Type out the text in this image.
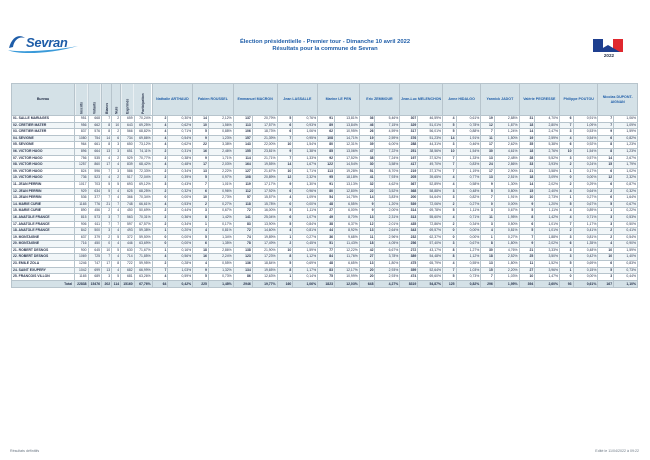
Sevran	Élection présidentielle - Premier tour - Dimanche 10 avril 2022
Résultats pour la commune de Sevran
2022
Bureau	Inscrits	Votants	Blancs	Nuls	Exprimés	Participation	Nathalie ARTHAUD		Fabien ROUSSEL		Emmanuel MACRON		Jean LASSALLE		Marine LE PEN		Eric ZEMMOUR		Jean-Luc MELENCHON		Anne HIDALGO		Yannick JADOT		Valérie PECRESSE		Philippe POUTOU		Nicolas DUPONT-AIGNAN	
01. SALLE MARIAGES	951	668	7	2	659	70,24%	2	0,30%	14	2,12%	137	20,79%	5	0,76%	91	13,81%	36	5,46%	307	46,59%	4	0,61%	19	2,88%	31	4,70%	6	0,91%	7	1,06%
02. CRETIER MATER	956	662	8	10	643	69,25%	4	0,62%	10	1,56%	113	17,57%	6	0,93%	89	13,84%	46	7,15%	329	51,01%	5	0,78%	12	1,87%	18	2,80%	7	1,09%	7	1,09%
03. CRETIER MATER	837	576	8	2	566	68,82%	4	0,71%	5	0,88%	106	18,73%	6	1,06%	62	10,95%	26	4,59%	317	56,01%	5	0,88%	7	1,24%	14	2,47%	3	0,53%	9	1,59%
04. SEVIGNE	1080	754	14	6	734	69,86%	4	0,54%	9	1,23%	157	21,39%	7	0,95%	108	14,71%	19	2,59%	376	51,23%	14	1,91%	11	1,50%	19	2,59%	4	0,54%	6	0,82%
05. SEVIGNE	964	661	8	3	650	73,12%	4	0,62%	22	3,38%	143	22,00%	10	1,54%	80	12,31%	39	6,00%	288	44,31%	3	0,46%	17	2,62%	35	5,38%	6	0,92%	8	1,23%
06. VICTOR HUGO	896	664	13	3	651	74,11%	2	0,31%	16	2,46%	155	23,81%	9	1,38%	85	13,06%	47	7,22%	251	38,56%	10	1,54%	30	4,61%	18	2,76%	10	1,54%	8	1,23%
07. VICTOR HUGO	756	535	4	2	529	70,77%	2	0,38%	9	1,71%	114	21,71%	7	1,33%	92	17,52%	38	7,24%	197	37,52%	7	1,33%	13	2,48%	28	5,52%	3	0,57%	14	2,67%
08. VICTOR HUGO	1257	860	17	4	839	68,42%	4	0,48%	17	2,03%	164	19,55%	14	1,67%	122	14,54%	30	3,58%	417	49,70%	7	0,83%	24	2,86%	33	3,93%	2	0,24%	15	1,79%
09. VICTOR HUGO	824	596	7	3	586	72,33%	2	0,34%	13	2,22%	127	21,67%	10	1,71%	113	19,28%	51	8,70%	219	37,37%	7	1,19%	17	2,90%	21	3,58%	1	0,17%	6	1,02%
10. VICTOR HUGO	736	523	4	2	517	72,04%	2	0,39%	5	0,97%	108	20,89%	12	2,32%	95	18,18%	41	7,93%	205	39,65%	4	0,77%	13	2,51%	18	3,09%	0	0,00%	12	2,32%
11. JEAN PERRIN	1017	703	5	5	693	69,12%	3	0,43%	7	1,01%	119	17,17%	9	1,30%	91	13,13%	32	4,62%	367	52,89%	4	0,58%	9	1,30%	14	2,02%	2	0,29%	6	0,87%
12. JEAN PERRIN	929	634	5	4	625	68,25%	2	0,32%	6	0,96%	112	17,92%	6	0,96%	80	12,80%	22	3,52%	368	58,88%	3	0,48%	5	0,80%	15	2,40%	4	0,64%	2	0,32%
13. JEAN PERRIN	536	377	7	4	366	70,34%	0	0,00%	10	2,73%	57	15,57%	4	1,09%	54	14,75%	14	3,83%	200	54,64%	3	0,82%	7	1,91%	10	2,73%	1	0,27%	6	1,64%
14. MARIE CURIE	1165	776	21	7	748	66,61%	4	0,53%	2	0,27%	118	15,78%	0	0,00%	48	6,55%	9	1,20%	539	72,06%	2	0,27%	0	0,00%	9	1,20%	5	0,67%	5	0,67%
15. MARIE CURIE	890	456	2	4	450	50,69%	2	0,44%	3	0,67%	72	16,00%	5	1,11%	27	6,00%	9	2,00%	314	69,78%	5	1,11%	3	0,67%	5	1,11%	4	0,89%	1	0,22%
16. ANATOLE FRANCE	815	573	3	7	563	70,31%	2	0,36%	8	1,42%	141	25,04%	6	1,07%	49	8,70%	13	2,31%	313	55,60%	4	0,71%	11	1,95%	8	1,42%	4	0,71%	3	0,53%
17. ANATOLE FRANCE	906	611	7	7	597	67,57%	2	0,34%	1	0,17%	83	13,90%	5	0,84%	38	6,37%	12	2,01%	435	72,86%	2	0,34%	3	0,50%	6	1,01%	7	1,17%	3	0,50%
18. ANATOLE FRANCE	842	500	3	4	493	59,38%	1	0,20%	4	0,81%	72	14,60%	4	0,81%	44	8,92%	13	2,64%	343	69,57%	0	0,00%	4	0,81%	5	1,01%	2	0,41%	2	0,41%
19. MONTAIGNE	637	379	2	5	372	59,50%	0	0,00%	5	1,34%	74	19,89%	1	0,27%	36	9,68%	11	2,96%	232	62,37%	0	0,00%	1	0,27%	7	1,88%	3	0,81%	2	0,54%
20. MONTAIGNE	716	450	0	4	446	63,69%	0	0,00%	6	1,35%	78	17,49%	2	0,45%	51	11,43%	18	4,05%	256	57,40%	3	0,67%	8	1,80%	9	2,02%	6	1,35%	4	0,90%
21. ROBERT DESNOS	900	645	10	5	630	71,67%	1	0,16%	18	2,86%	138	21,90%	10	1,59%	77	12,22%	42	6,67%	272	43,17%	8	1,27%	30	4,76%	21	3,33%	3	0,48%	10	1,59%
22. ROBERT DESNOS	1069	725	7	4	714	71,85%	4	0,56%	16	2,24%	123	17,23%	8	1,12%	84	11,76%	27	3,78%	389	54,48%	8	1,12%	18	2,52%	25	3,50%	3	0,42%	10	1,40%
23. EMILE ZOLA	1246	747	17	8	722	59,95%	2	0,28%	4	0,55%	136	18,84%	5	0,69%	48	6,65%	13	1,80%	475	65,79%	4	0,55%	13	1,80%	11	1,52%	5	0,69%	6	0,83%
24. SAINT EXUPERY	1042	699	13	4	682	66,99%	7	1,03%	9	1,32%	134	19,65%	8	1,17%	83	12,17%	20	2,93%	359	52,64%	7	1,03%	15	2,20%	27	3,96%	1	0,15%	5	0,73%
25. FRANCOIS VILLON	1165	689	3	5	681	63,26%	4	0,59%	5	0,73%	86	12,63%	1	0,14%	75	10,99%	20	2,93%	474	69,60%	5	0,73%	7	1,03%	10	1,47%	0	0,00%	3	0,44%
Total	22838	15476	202	114	15160	67,76%	64	0,42%	225	1,48%	2946	19,77%	160	1,06%	1823	12,03%	648	4,27%	8319	54,87%	125	0,82%	296	1,95%	394	2,60%	93	0,61%	167	1,10%
Résultats définitifs	Edité le 11/04/2022 à 09:22
